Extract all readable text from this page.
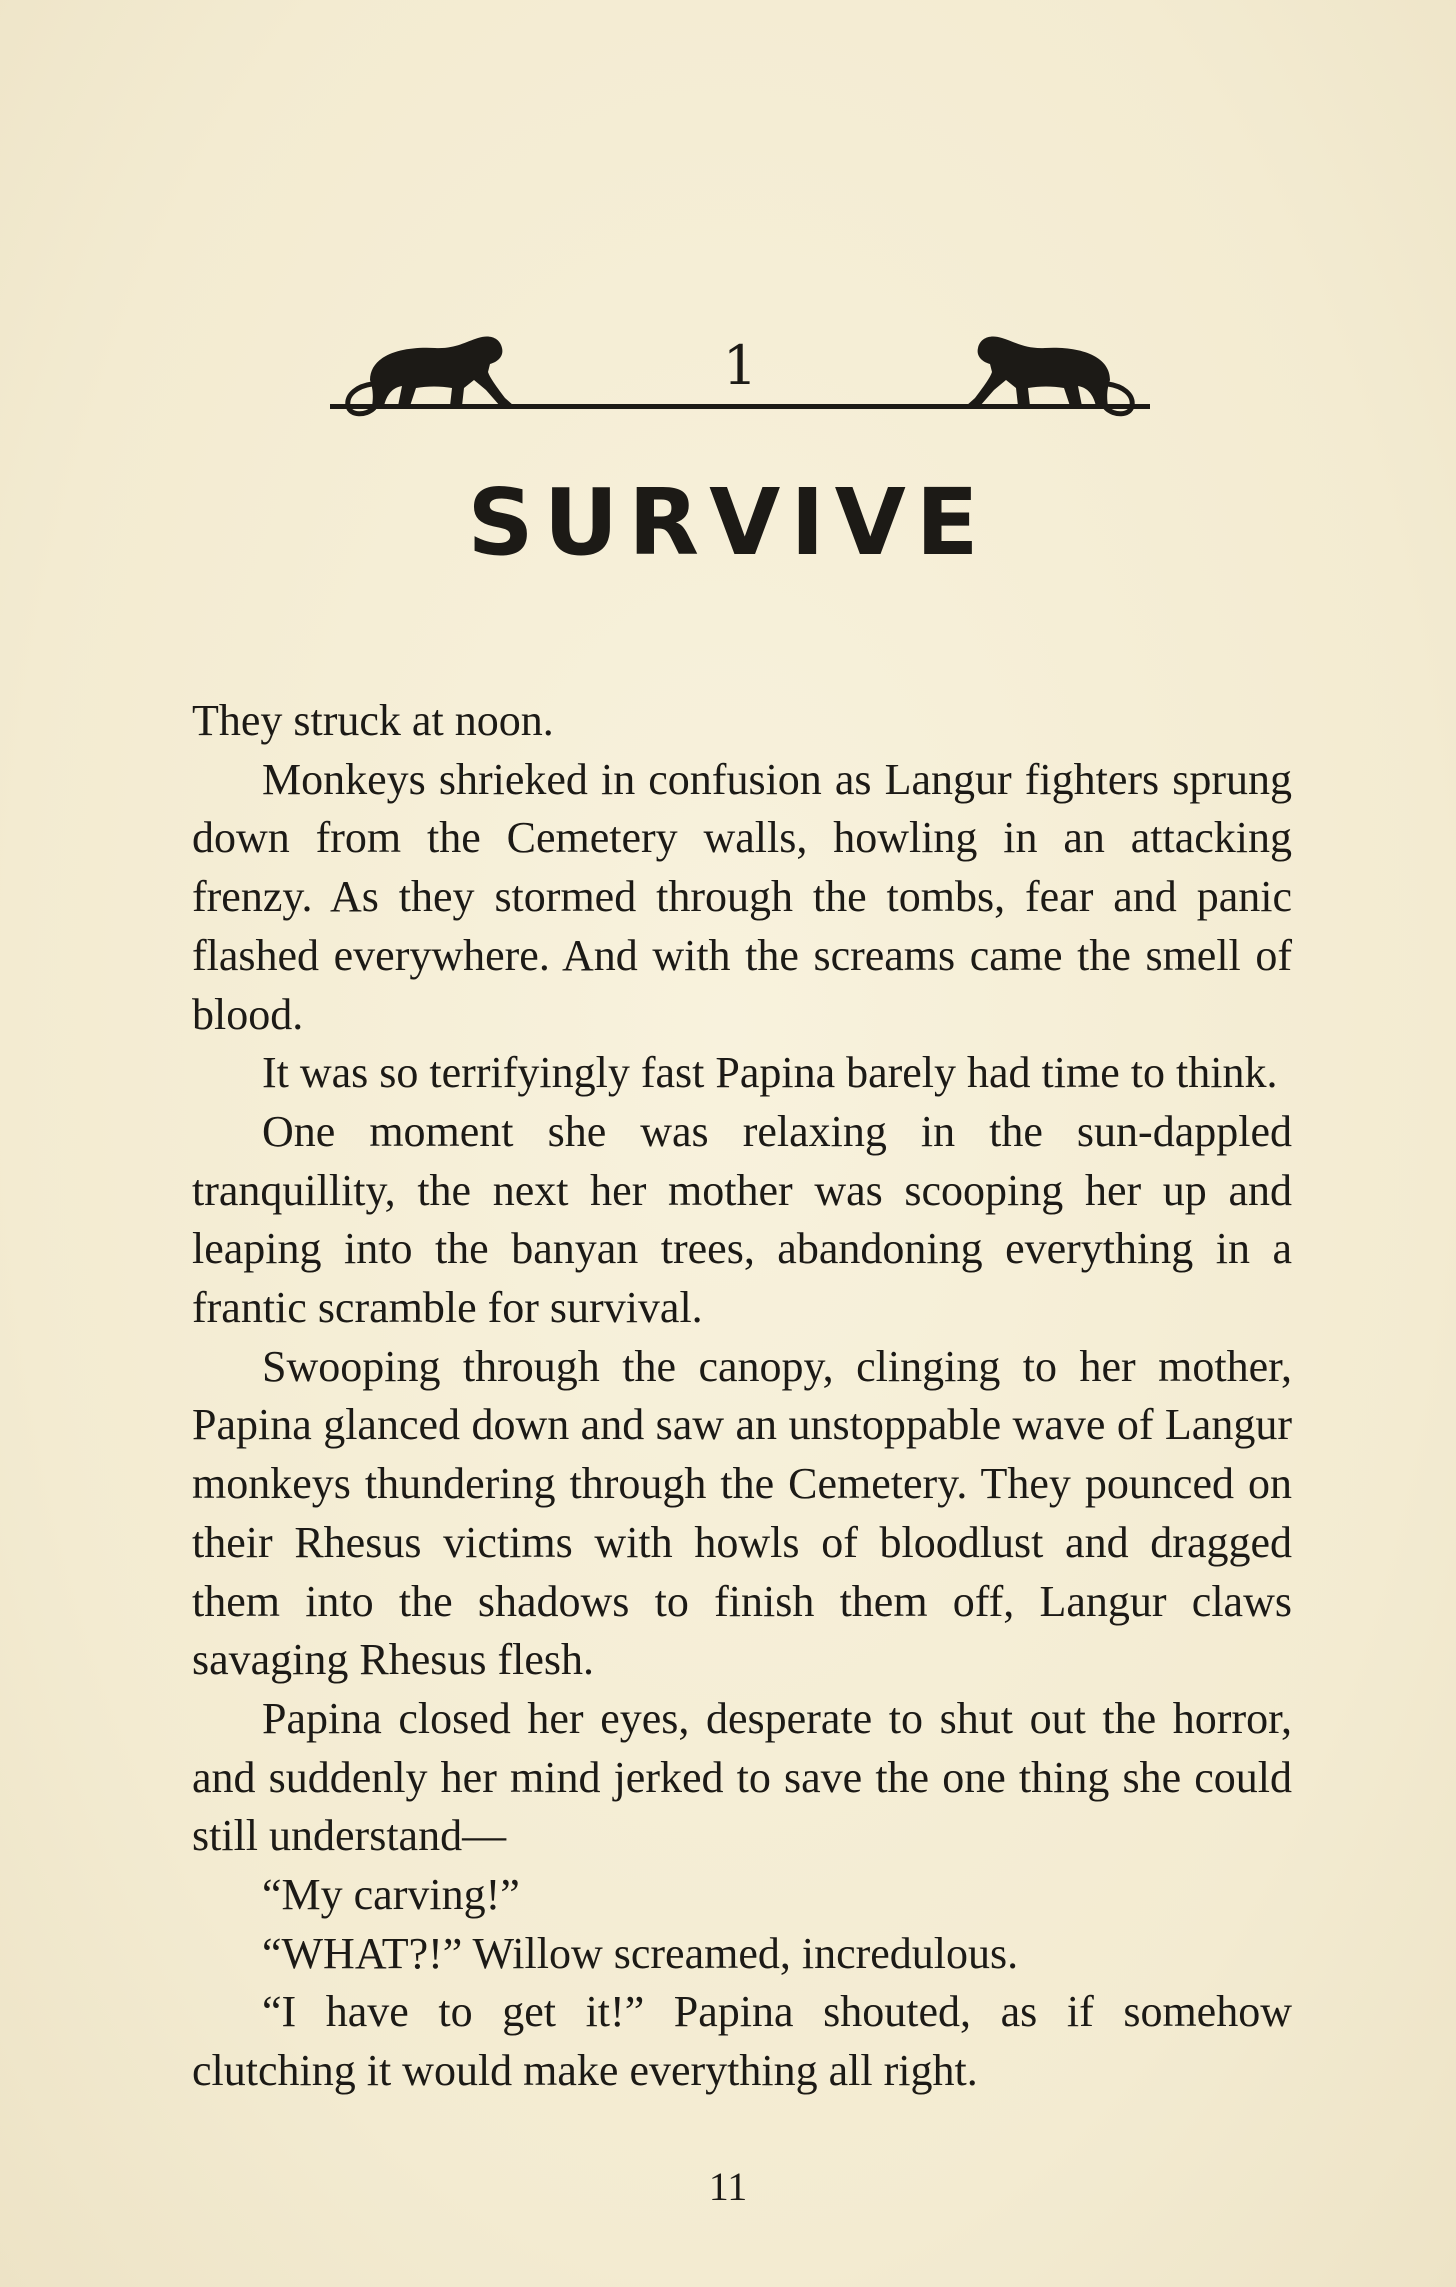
1
SURVIVE

They struck at noon.

Monkeys shrieked in confusion as Langur fighters sprung down from the Cemetery walls, howling in an attacking frenzy. As they stormed through the tombs, fear and panic flashed everywhere. And with the screams came the smell of blood.

It was so terrifyingly fast Papina barely had time to think.

One moment she was relaxing in the sun-dappled tranquillity, the next her mother was scooping her up and leaping into the banyan trees, abandoning everything in a frantic scramble for survival.

Swooping through the canopy, clinging to her mother, Papina glanced down and saw an unstoppable wave of Langur monkeys thundering through the Cemetery. They pounced on their Rhesus victims with howls of bloodlust and dragged them into the shadows to finish them off, Langur claws savaging Rhesus flesh.

Papina closed her eyes, desperate to shut out the horror, and suddenly her mind jerked to save the one thing she could still understand—

“My carving!”

“WHAT?!” Willow screamed, incredulous.

“I have to get it!” Papina shouted, as if somehow clutching it would make everything all right.

11
